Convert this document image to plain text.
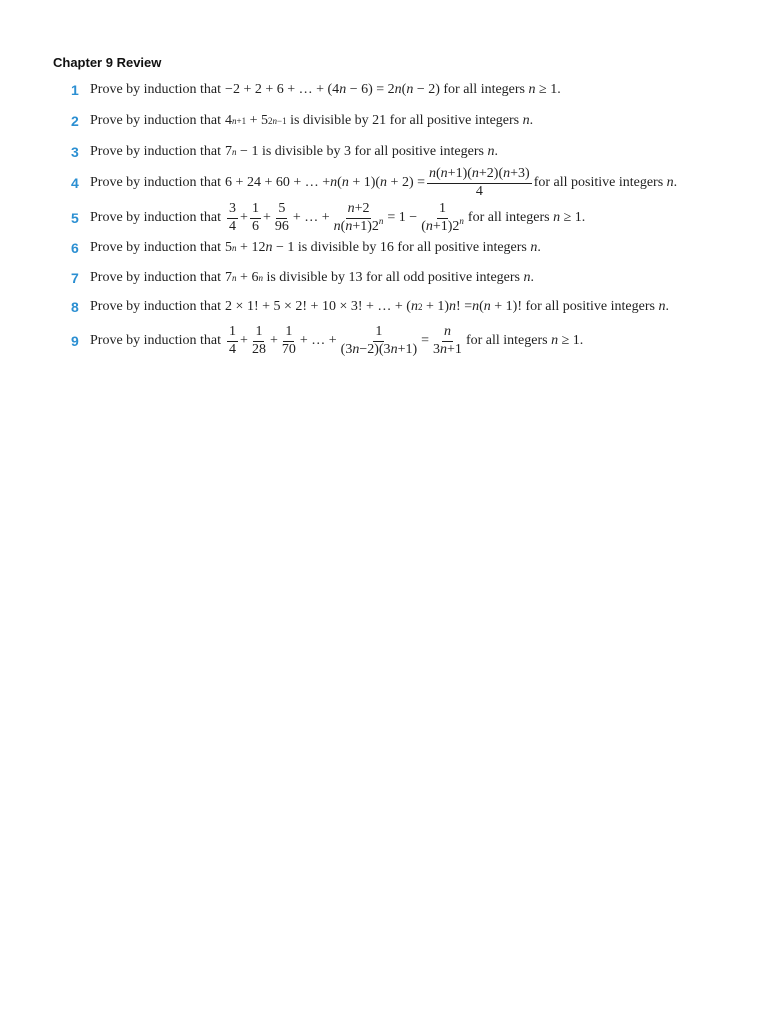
Chapter 9 Review
1 Prove by induction that −2 + 2 + 6 + … + (4 n − 6) = 2 n ( n − 2) for all integers n ≥ 1.
2 Prove by induction that 4 n+1 + 5 2n−1 is divisible by 21 for all positive integers n .
3 Prove by induction that 7 n − 1 is divisible by 3 for all positive integers n .
4 Prove by induction that 6 + 24 + 60 + … + n ( n + 1)( $n + 2) = \frac{n(n+1)(n+2)(n+3)}{4}$ for all positive integers n .
5 Prove by induction that $\frac{3}{4} + \frac{1}{6} + \frac{5}{96}$ + … + $\frac{n+2}{n(n+1)2^n} = 1 - \frac{1}{(n+1)2^n}$ for all integers n ≥ 1.
6 Prove by induction that 5 n + 12 n − 1 is divisible by 16 for all positive integers n .
7 Prove by induction that 7 n + 6 n is divisible by 13 for all odd positive integers n .
8 Prove by induction that 2 × 1! + 5 × 2! + 10 × 3! + … + ( n 2 + 1) n ! = n ( n + 1)! for all positive integers n .
9 Prove by induction that $\frac{1}{4} + \frac{1}{28} + \frac{1}{70}$ + … + $\frac{1}{(3n-2)(3n+1)} = \frac{n}{3n+1}$ for all integers n ≥ 1.
